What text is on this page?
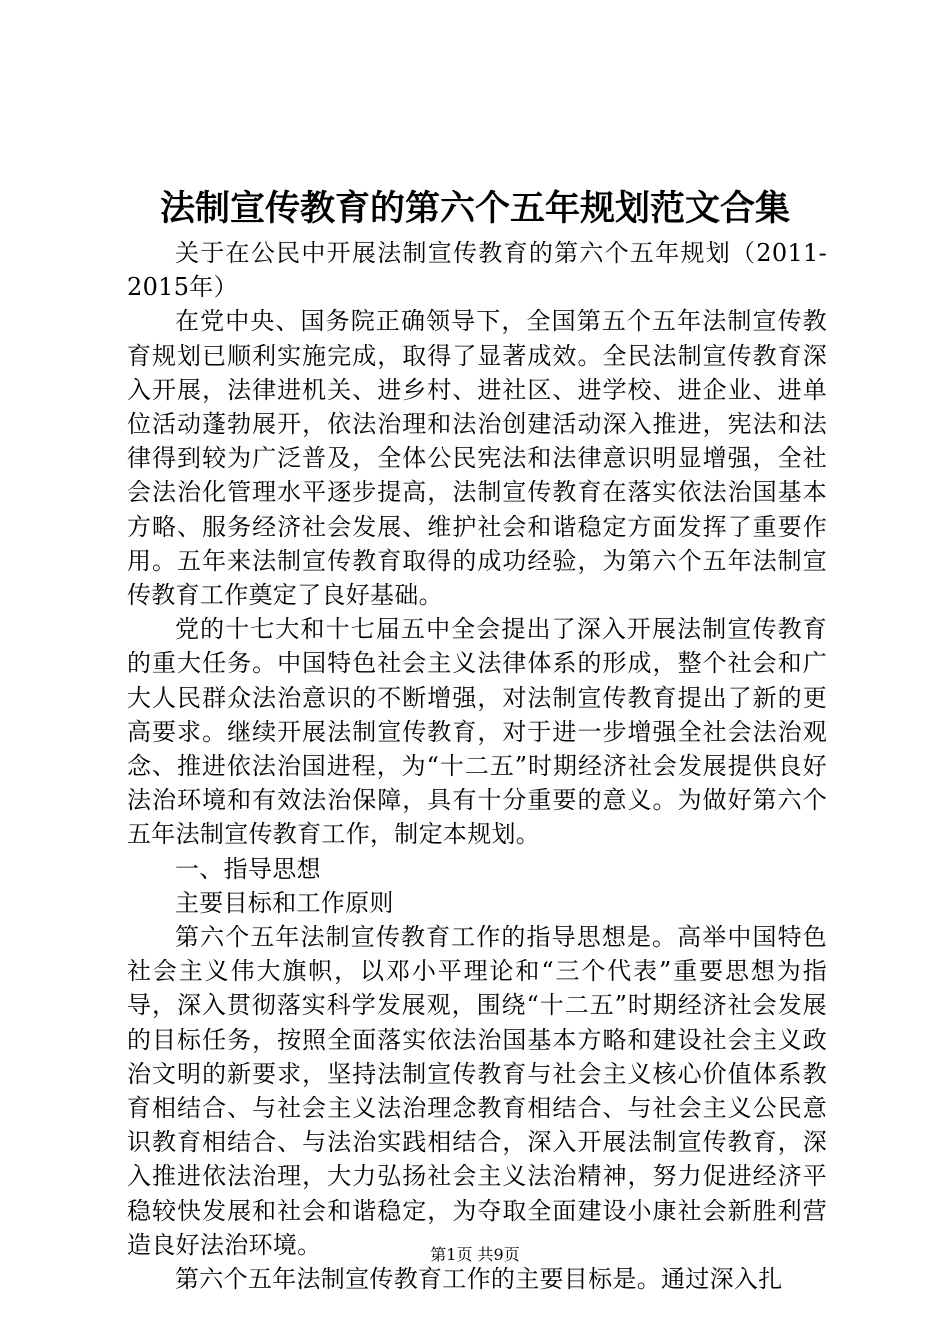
法制宣传教育的第六个五年规划范文合集

关于在公民中开展法制宣传教育的第六个五年规划（2011-2015年）

在党中央、国务院正确领导下，全国第五个五年法制宣传教育规划已顺利实施完成，取得了显著成效。全民法制宣传教育深入开展，法律进机关、进乡村、进社区、进学校、进企业、进单位活动蓬勃展开，依法治理和法治创建活动深入推进，宪法和法律得到较为广泛普及，全体公民宪法和法律意识明显增强，全社会法治化管理水平逐步提高，法制宣传教育在落实依法治国基本方略、服务经济社会发展、维护社会和谐稳定方面发挥了重要作用。五年来法制宣传教育取得的成功经验，为第六个五年法制宣传教育工作奠定了良好基础。

党的十七大和十七届五中全会提出了深入开展法制宣传教育的重大任务。中国特色社会主义法律体系的形成，整个社会和广大人民群众法治意识的不断增强，对法制宣传教育提出了新的更高要求。继续开展法制宣传教育，对于进一步增强全社会法治观念、推进依法治国进程，为“十二五”时期经济社会发展提供良好法治环境和有效法治保障，具有十分重要的意义。为做好第六个五年法制宣传教育工作，制定本规划。

一、指导思想

主要目标和工作原则

第六个五年法制宣传教育工作的指导思想是。高举中国特色社会主义伟大旗帜，以邓小平理论和“三个代表”重要思想为指导，深入贯彻落实科学发展观，围绕“十二五”时期经济社会发展的目标任务，按照全面落实依法治国基本方略和建设社会主义政治文明的新要求，坚持法制宣传教育与社会主义核心价值体系教育相结合、与社会主义法治理念教育相结合、与社会主义公民意识教育相结合、与法治实践相结合，深入开展法制宣传教育，深入推进依法治理，大力弘扬社会主义法治精神，努力促进经济平稳较快发展和社会和谐稳定，为夺取全面建设小康社会新胜利营造良好法治环境。

第六个五年法制宣传教育工作的主要目标是。通过深入扎

第1页 共9页
